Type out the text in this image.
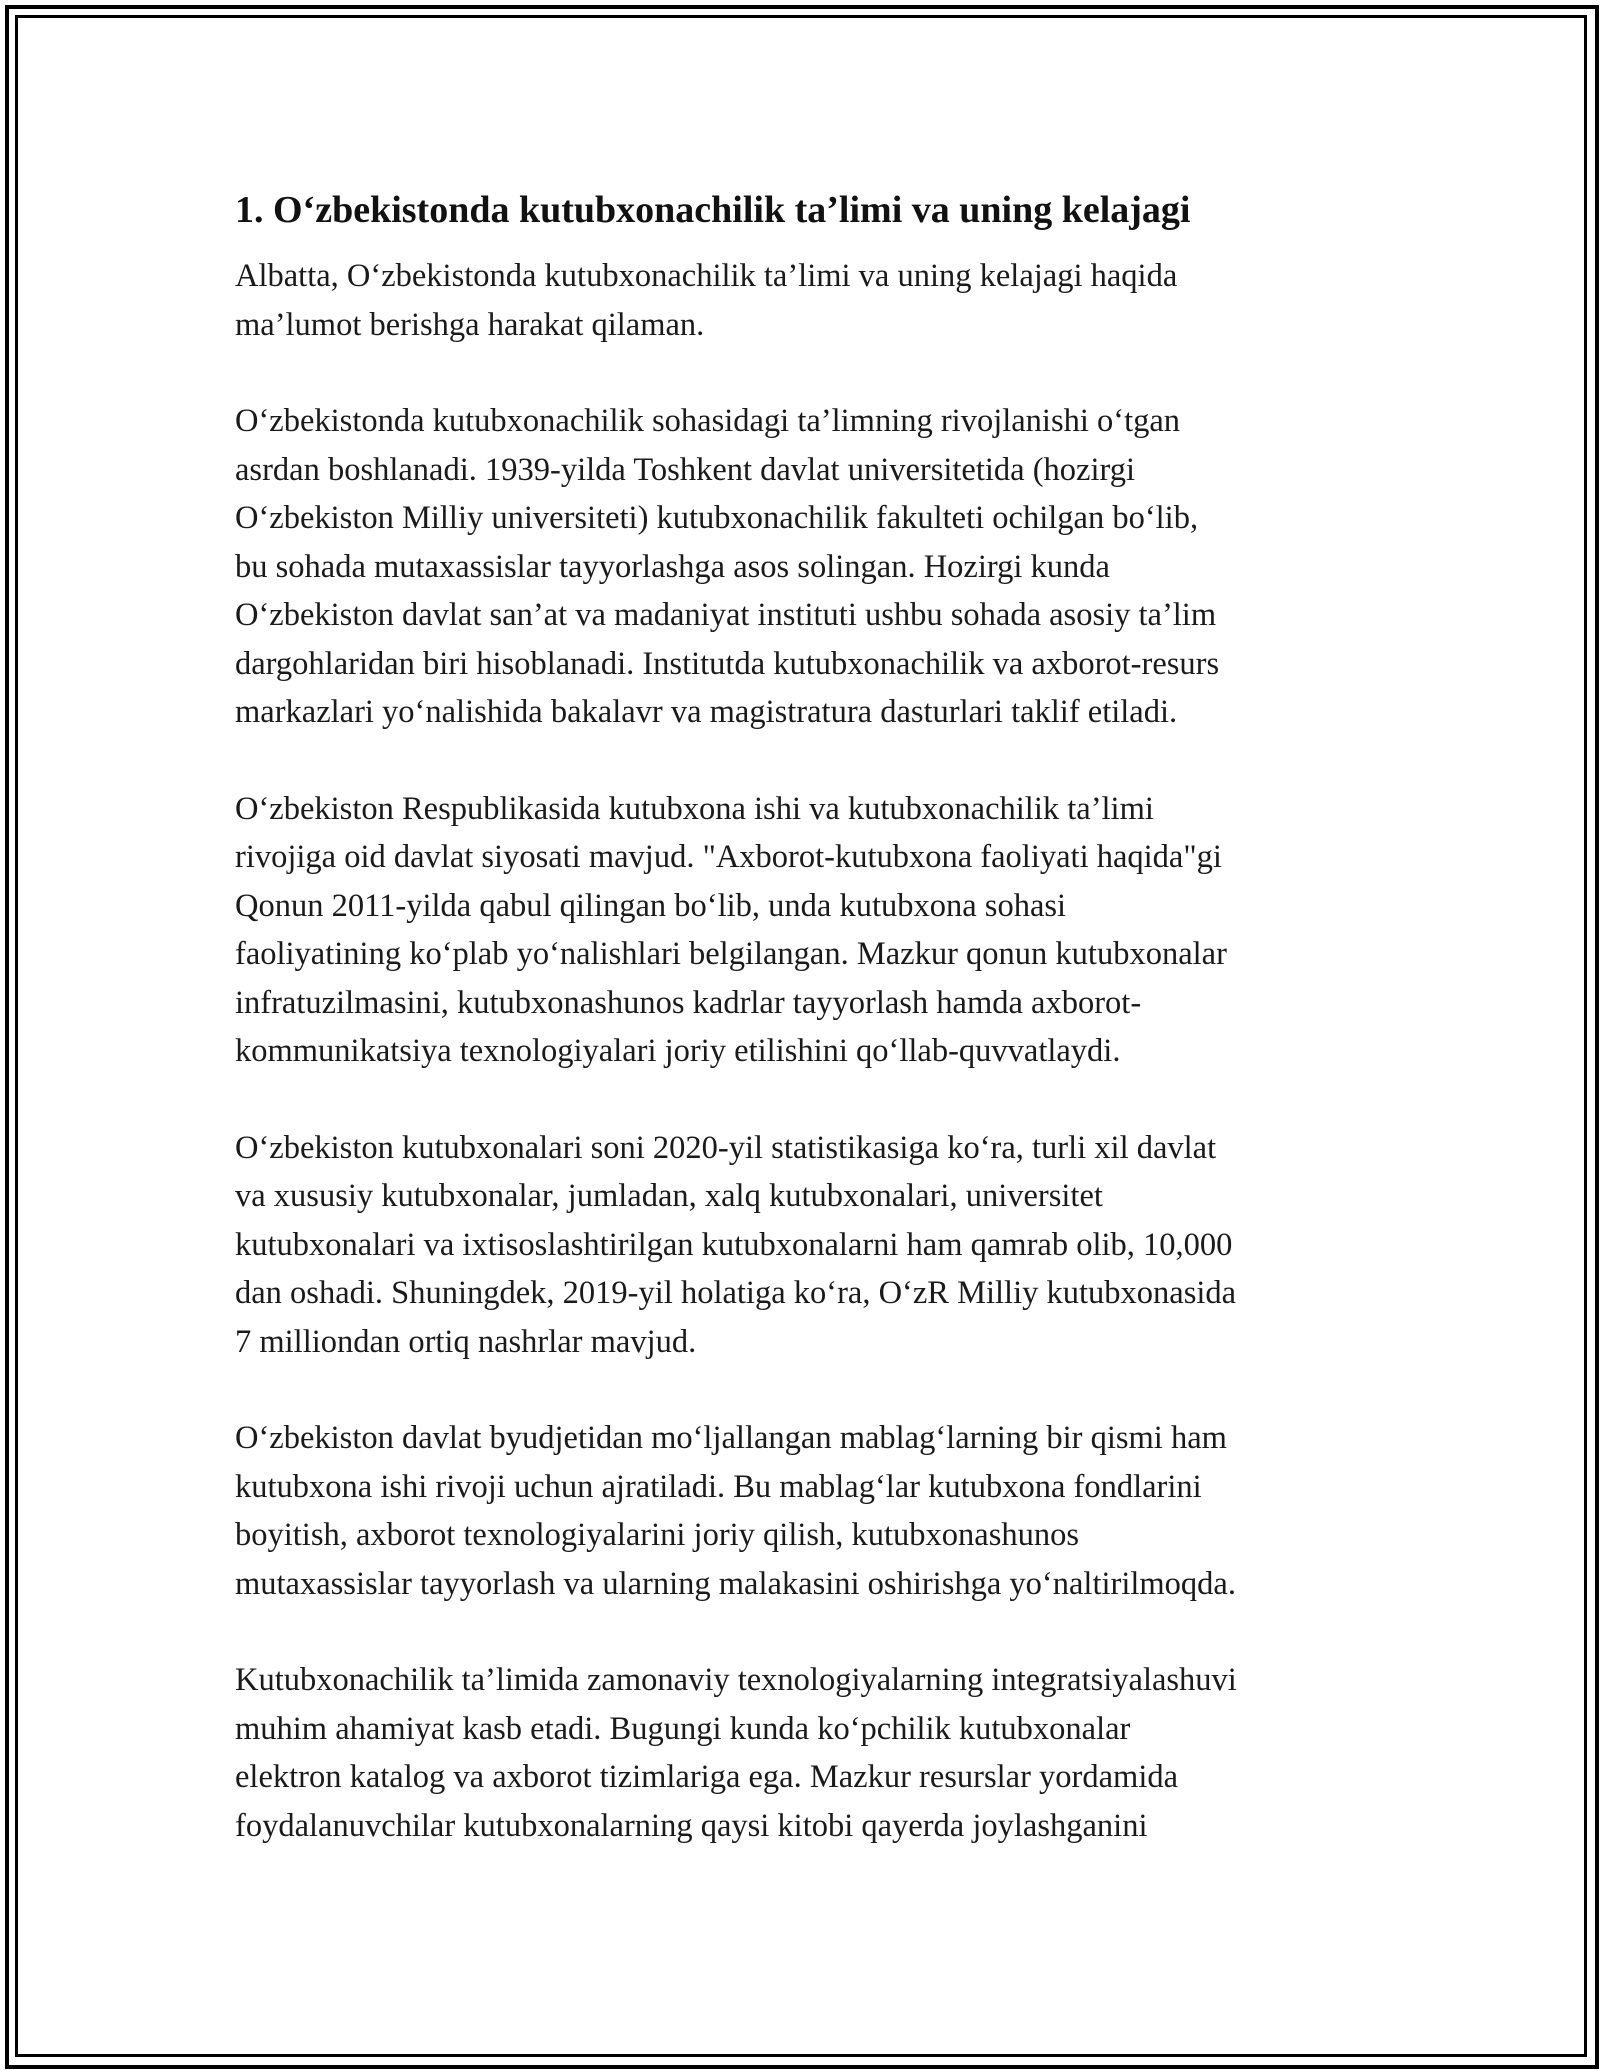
1. O‘zbekistonda kutubxonachilik ta’limi va uning kelajagi

Albatta, O‘zbekistonda kutubxonachilik ta’limi va uning kelajagi haqida
ma’lumot berishga harakat qilaman.

O‘zbekistonda kutubxonachilik sohasidagi ta’limning rivojlanishi o‘tgan
asrdan boshlanadi. 1939-yilda Toshkent davlat universitetida (hozirgi
O‘zbekiston Milliy universiteti) kutubxonachilik fakulteti ochilgan bo‘lib,
bu sohada mutaxassislar tayyorlashga asos solingan. Hozirgi kunda
O‘zbekiston davlat san’at va madaniyat instituti ushbu sohada asosiy ta’lim
dargohlaridan biri hisoblanadi. Institutda kutubxonachilik va axborot-resurs
markazlari yo‘nalishida bakalavr va magistratura dasturlari taklif etiladi.

O‘zbekiston Respublikasida kutubxona ishi va kutubxonachilik ta’limi
rivojiga oid davlat siyosati mavjud. "Axborot-kutubxona faoliyati haqida"gi
Qonun 2011-yilda qabul qilingan bo‘lib, unda kutubxona sohasi
faoliyatining ko‘plab yo‘nalishlari belgilangan. Mazkur qonun kutubxonalar
infratuzilmasini, kutubxonashunos kadrlar tayyorlash hamda axborot-
kommunikatsiya texnologiyalari joriy etilishini qo‘llab-quvvatlaydi.

O‘zbekiston kutubxonalari soni 2020-yil statistikasiga ko‘ra, turli xil davlat
va xususiy kutubxonalar, jumladan, xalq kutubxonalari, universitet
kutubxonalari va ixtisoslashtirilgan kutubxonalarni ham qamrab olib, 10,000
dan oshadi. Shuningdek, 2019-yil holatiga ko‘ra, O‘zR Milliy kutubxonasida
7 milliondan ortiq nashrlar mavjud.

O‘zbekiston davlat byudjetidan mo‘ljallangan mablag‘larning bir qismi ham
kutubxona ishi rivoji uchun ajratiladi. Bu mablag‘lar kutubxona fondlarini
boyitish, axborot texnologiyalarini joriy qilish, kutubxonashunos
mutaxassislar tayyorlash va ularning malakasini oshirishga yo‘naltirilmoqda.

Kutubxonachilik ta’limida zamonaviy texnologiyalarning integratsiyalashuvi
muhim ahamiyat kasb etadi. Bugungi kunda ko‘pchilik kutubxonalar
elektron katalog va axborot tizimlariga ega. Mazkur resurslar yordamida
foydalanuvchilar kutubxonalarning qaysi kitobi qayerda joylashganini
